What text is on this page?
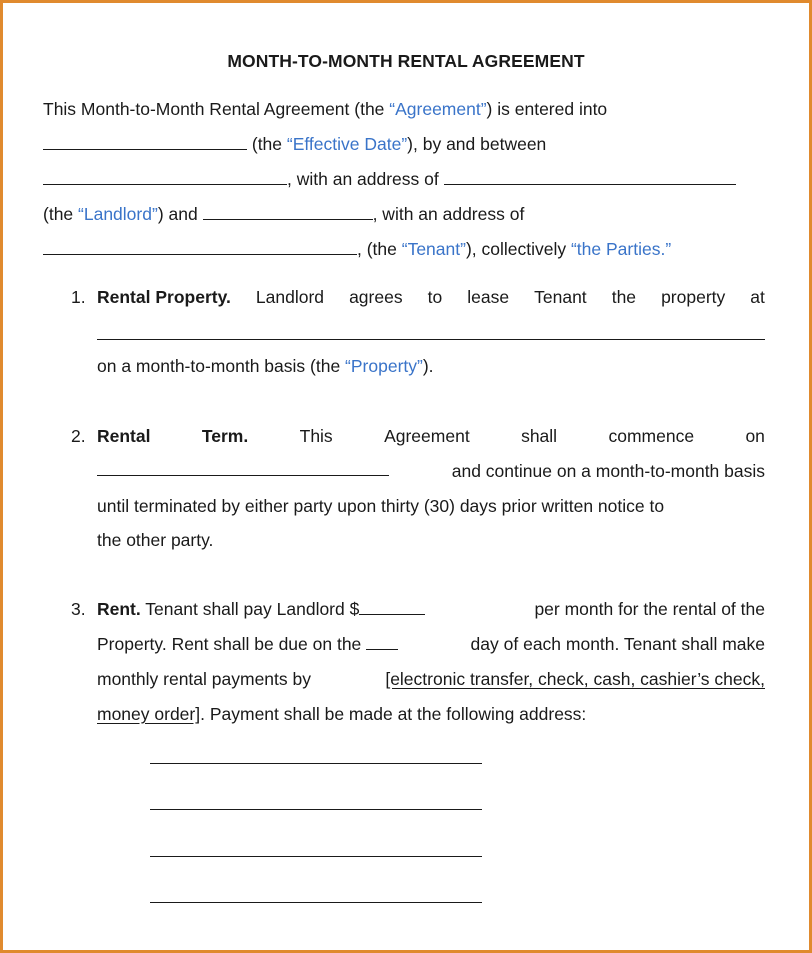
MONTH-TO-MONTH RENTAL AGREEMENT
This Month-to-Month Rental Agreement (the “Agreement”) is entered into
(the “Effective Date”), by and between
, with an address of
(the “Landlord”) and	, with an address of
, (the “Tenant”), collectively “the Parties.”
1. Rental Property. Landlord agrees to lease Tenant the property at
on a month-to-month basis (the “Property”).
2. Rental	Term.	This	Agreement	shall	commence	on
and continue on a month-to-month basis
until terminated by either party upon thirty (30) days prior written notice to
the other party.
3. Rent. Tenant shall pay Landlord $	per month for the rental of the
Property. Rent shall be due on the	day of each month. Tenant shall make
monthly rental payments by	[electronic transfer, check, cash, cashier’s check,
money order]. Payment shall be made at the following address:
